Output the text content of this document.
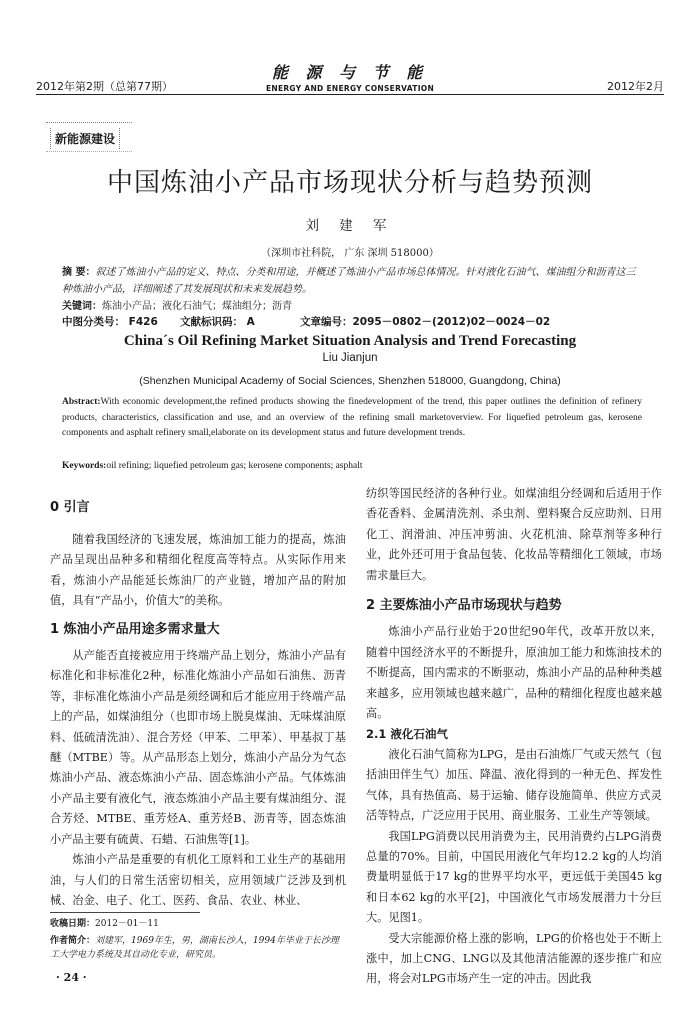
2012年第2期（总第77期）
能 源 与 节 能
ENERGY AND ENERGY CONSERVATION	2012年2月
新能源建设
中国炼油小产品市场现状分析与趋势预测
刘 建 军
（深圳市社科院， 广东 深圳 518000）
摘 要：叙述了炼油小产品的定义、特点、分类和用途，并概述了炼油小产品市场总体情况。针对液化石油气、煤油组分和沥青这三种炼油小产品，详细阐述了其发展现状和未来发展趋势。
关键词：炼油小产品；液化石油气；煤油组分；沥青
中图分类号： F426 文献标识码： A	文章编号：2095－0802－(2012)02－0024－02
China´s Oil Refining Market Situation Analysis and Trend Forecasting
Liu Jianjun
(Shenzhen Municipal Academy of Social Sciences, Shenzhen 518000, Guangdong, China)
Abstract:With economic development,the refined products showing the finedevelopment of the trend, this paper outlines the definition of refinery products, characteristics, classification and use, and an overview of the refining small marketoverview. For liquefied petroleum gas, kerosene components and asphalt refinery small,elaborate on its development status and future development trends.
Keywords:oil refining; liquefied petroleum gas; kerosene components; asphalt
0 引言

随着我国经济的飞速发展，炼油加工能力的提高，炼油产品呈现出品种多和精细化程度高等特点。从实际作用来看，炼油小产品能延长炼油厂的产业链，增加产品的附加值，具有“产品小，价值大”的美称。

1 炼油小产品用途多需求量大

从产能否直接被应用于终端产品上划分，炼油小产品有标准化和非标准化2种，标准化炼油小产品如石油焦、沥青等，非标准化炼油小产品是须经调和后才能应用于终端产品上的产品，如煤油组分（也即市场上脱臭煤油、无味煤油原料、低硫清洗油）、混合芳烃（甲苯、二甲苯）、甲基叔丁基醚（MTBE）等。从产品形态上划分，炼油小产品分为气态炼油小产品、液态炼油小产品、固态炼油小产品。气体炼油小产品主要有液化气，液态炼油小产品主要有煤油组分、混合芳烃、MTBE、重芳烃A、重芳烃B、沥青等，固态炼油小产品主要有硫黄、石蜡、石油焦等[1]。

炼油小产品是重要的有机化工原料和工业生产的基础用油，与人们的日常生活密切相关，应用领域广泛涉及到机械、冶金、电子、化工、医药、食品、农业、林业、

纺织等国民经济的各种行业。如煤油组分经调和后适用于作香花香料、金属清洗剂、杀虫剂、塑料聚合反应助剂、日用化工、润滑油、冲压冲剪油、火花机油、除草剂等多种行业，此外还可用于食品包装、化妆品等精细化工领域，市场需求量巨大。

2 主要炼油小产品市场现状与趋势

炼油小产品行业始于20世纪90年代，改革开放以来，随着中国经济水平的不断提升，原油加工能力和炼油技术的不断提高，国内需求的不断驱动，炼油小产品的品种种类越来越多，应用领域也越来越广，品种的精细化程度也越来越高。

2.1 液化石油气

液化石油气简称为LPG，是由石油炼厂气或天然气（包括油田伴生气）加压、降温、液化得到的一种无色、挥发性气体，具有热值高、易于运输、储存设施简单、供应方式灵活等特点，广泛应用于民用、商业服务、工业生产等领域。

我国LPG消费以民用消费为主，民用消费约占LPG消费总量的70%。目前，中国民用液化气年均12.2 kg的人均消费量明显低于17 kg的世界平均水平，更远低于美国45 kg和日本62 kg的水平[2]，中国液化气市场发展潜力十分巨大。见图1。

受大宗能源价格上涨的影响，LPG的价格也处于不断上涨中，加上CNG、LNG以及其他清洁能源的逐步推广和应用，将会对LPG市场产生一定的冲击。因此我

收稿日期：2012－01－11
作者简介：刘建军，1969年生，男，湖南长沙人，1994年毕业于长沙理工大学电力系统及其自动化专业，研究员。
· 24 ·
